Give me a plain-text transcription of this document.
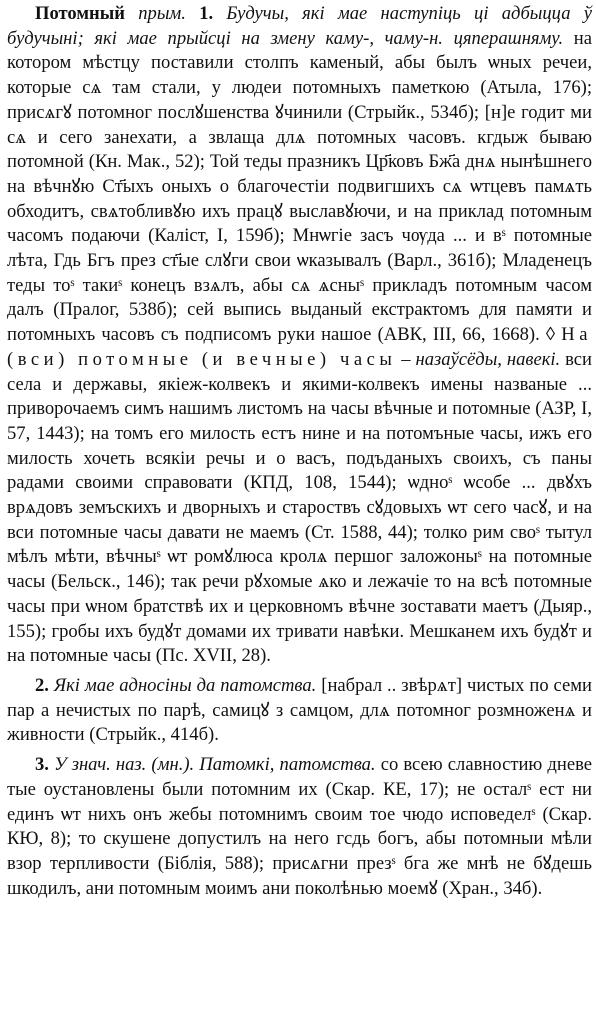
Потомный прым. 1. Будучы, які мае наступіць ці адбыцца ў будучыні; які мае прыйсці на змену каму-, чаму-н. цяперашняму. на котором мѣстцу поставили столпъ каменый, абы былъ ѡных речеи, которые сѧ там стали, у людеи потомныхъ паметкою (Атыла, 176); присѧгꙋ потомног послꙋшенства ꙋчинили (Стрыйк., 534б); [н]е годит ми сѧ и сего занехати, а звлаща длѧ потомных часовъ. кгдыж бываю потомной (Кн. Мак., 52); Той теды празникъ Цр҃ковъ Бж҃а днѧ нынѣшнего на вѣчнꙋю Ст҃ыхъ оныхъ о благочестiи подвигшихъ сѧ ѡтцевъ памѧть обходитъ, свѧтобливꙋю ихъ працꙋ выславꙋючи, и на приклад потомным часомъ подаючи (Каліст, I, 159б); Мнѡгiе засъ чѹда ... и вˢ потомные лѣта, Гдь Бгъ през ст҃ые слꙋги свои ѡказывалъ (Варл., 361б); Младенецъ теды тоˢ такиˢ конецъ взѧлъ, абы сѧ ѧсныˢ прикладъ потомным часом далъ (Пралог, 538б); сей выпись выданый екстрактомъ для памяти и потомныхъ часовъ съ подписомъ руки нашое (АВК, III, 66, 1668). ◊ На (вси) потомные (и вечные) часы – назаўсёды, навекі. вси села и державы, якiеж-колвекъ и якими-колвекъ имены названые ... приворочаемъ симъ нашимъ листомъ на часы вѣчные и потомные (АЗР, I, 57, 1443); на томъ его милость естъ нине и на потомъные часы, ижъ его милость хочеть всякiи речы и о васъ, подъданыхъ своихъ, съ паны радами своими справовати (КПД, 108, 1544); ѡдноˢ ѡсобе ... двꙋхъ врѧдовъ земъскихъ и дворныхъ и староствъ сꙋдовыхъ ѡт сего часꙋ, и на вси потомные часы давати не маемъ (Ст. 1588, 44); толко рим своˢ тытул мѣлъ мѣти, вѣчныˢ ѡт ромꙋлюса кролѧ першог заложоныˢ на потомные часы (Бельск., 146); так речи рꙋхомые ѧко и лежачіе то на всѣ потомные часы при ѡном братствѣ их и церковномъ вѣчне зоставати маетъ (Дыяр., 155); гробы ихъ будꙋт домами их тривати навѣки. Мешканем ихъ будꙋт и на потомные часы (Пс. XVII, 28).

2. Які мае адносіны да патомства. [набрал .. звѣрѧт] чистых по семи пар а нечистых по парѣ, самицꙋ з самцом, длѧ потомног розмноженѧ и живности (Стрыйк., 414б).

3. У знач. наз. (мн.). Патомкі, патомства. со всею славностию дневе тые оустановлены были потомним их (Скар. КЕ, 17); не осталˢ ест ни единъ ѡт нихъ онъ жебы потомнимъ своим тое чюдо исповеделˢ (Скар. КЮ, 8); то скушене допустилъ на него гсдь богъ, абы потомныи мѣли взор терпливости (Біблія, 588); присѧгни презˢ бга же мнѣ не бꙋдешь шкодилъ, ани потомным моимъ ани поколѣнью моемꙋ (Хран., 34б).
